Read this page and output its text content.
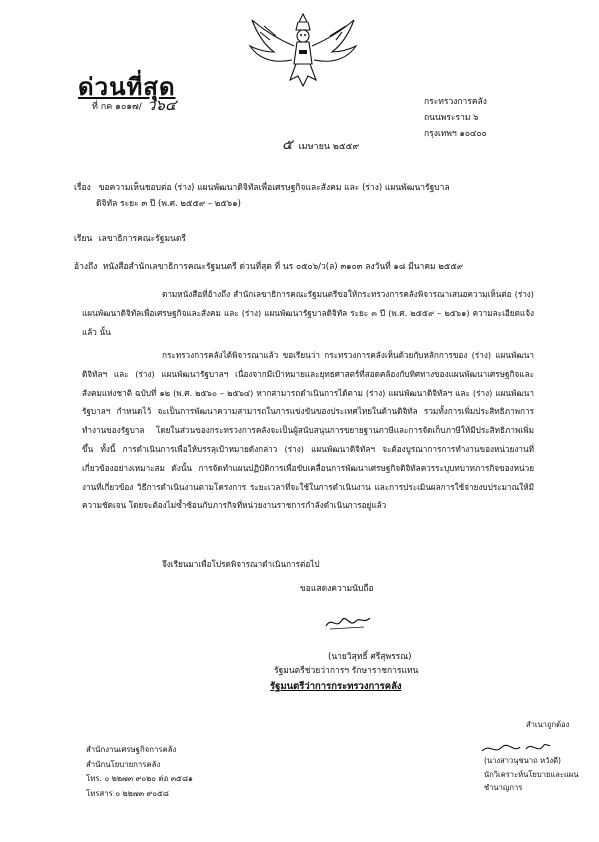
ด่วนที่สุด
ที่ กค ๑๐๑๗/ ว๖๔	กระทรวงการคลัง
ถนนพระราม ๖
กรุงเทพฯ ๑๐๔๐๐
๕ เมษายน ๒๕๕๙
เรื่อง ขอความเห็นชอบต่อ (ร่าง) แผนพัฒนาดิจิทัลเพื่อเศรษฐกิจและสังคม และ (ร่าง) แผนพัฒนารัฐบาล
ดิจิทัล ระยะ ๓ ปี (พ.ศ. ๒๕๕๙ – ๒๕๖๑)
เรียน เลขาธิการคณะรัฐมนตรี
อ้างถึง หนังสือสำนักเลขาธิการคณะรัฐมนตรี ด่วนที่สุด ที่ นร ๐๕๐๖/ว(ล) ๓๑๐๓ ลงวันที่ ๑๘ มีนาคม ๒๕๕๙

ตามหนังสือที่อ้างถึง สำนักเลขาธิการคณะรัฐมนตรีขอให้กระทรวงการคลังพิจารณาเสนอความเห็นต่อ (ร่าง) แผนพัฒนาดิจิทัลเพื่อเศรษฐกิจและสังคม และ (ร่าง) แผนพัฒนารัฐบาลดิจิทัล ระยะ ๓ ปี (พ.ศ. ๒๕๕๙ – ๒๕๖๑) ความละเอียดแจ้งแล้ว นั้น

กระทรวงการคลังได้พิจารณาแล้ว ขอเรียนว่า กระทรวงการคลังเห็นด้วยกับหลักการของ (ร่าง) แผนพัฒนาดิจิทัลฯ และ (ร่าง) แผนพัฒนารัฐบาลฯ เนื่องจากมีเป้าหมายและยุทธศาสตร์ที่สอดคล้องกับทิศทางของแผนพัฒนาเศรษฐกิจและสังคมแห่งชาติ ฉบับที่ ๑๒ (พ.ศ. ๒๕๖๐ – ๒๕๖๔) หากสามารถดำเนินการได้ตาม (ร่าง) แผนพัฒนาดิจิทัลฯ และ (ร่าง) แผนพัฒนารัฐบาลฯ กำหนดไว้ จะเป็นการพัฒนาความสามารถในการแข่งขันของประเทศไทยในด้านดิจิทัล รวมทั้งการเพิ่มประสิทธิภาพการทำงานของรัฐบาล โดยในส่วนของกระทรวงการคลังจะเป็นผู้สนับสนุนการขยายฐานภาษีและการจัดเก็บภาษีให้มีประสิทธิภาพเพิ่มขึ้น ทั้งนี้ การดำเนินการเพื่อให้บรรลุเป้าหมายดังกล่าว (ร่าง) แผนพัฒนาดิจิทัลฯ จะต้องบูรณาการการทำงานของหน่วยงานที่เกี่ยวข้องอย่างเหมาะสม ดังนั้น การจัดทำแผนปฏิบัติการเพื่อขับเคลื่อนการพัฒนาเศรษฐกิจดิจิทัลควรระบุบทบาทภารกิจของหน่วยงานที่เกี่ยวข้อง วิธีการดำเนินงานตามโครงการ ระยะเวลาที่จะใช้ในการดำเนินงาน และการประเมินผลการใช้จ่ายงบประมาณให้มีความชัดเจน โดยจะต้องไม่ซ้ำซ้อนกับภารกิจที่หน่วยงานราชการกำลังดำเนินการอยู่แล้ว

จึงเรียนมาเพื่อโปรดพิจารณาดำเนินการต่อไป

ขอแสดงความนับถือ
(นายวิสุทธิ์ ศรีสุพรรณ)
รัฐมนตรีช่วยว่าการฯ รักษาราชการแทน
รัฐมนตรีว่าการกระทรวงการคลัง
สำนักงานเศรษฐกิจการคลัง
สำนักนโยบายการคลัง
โทร. ๐ ๒๒๗๓ ๙๐๒๐ ต่อ ๓๕๘๑
โทรสาร ๐ ๒๒๗๓ ๙๐๕๘
สำเนาถูกต้อง
(นางสาวนุชนาถ หวังดี)
นักวิเคราะห์นโยบายและแผนชำนาญการ
